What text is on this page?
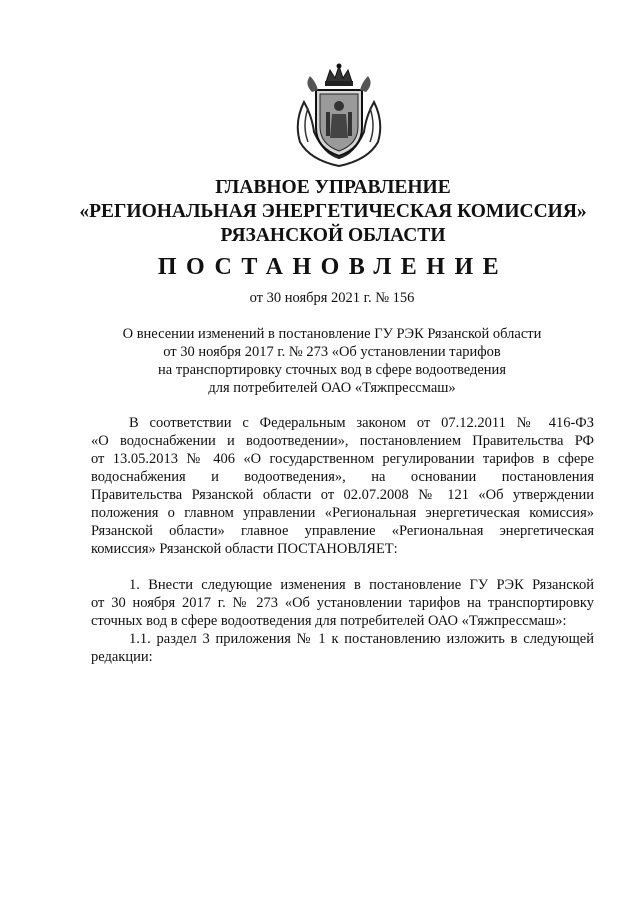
ГЛАВНОЕ УПРАВЛЕНИЕ
«РЕГИОНАЛЬНАЯ ЭНЕРГЕТИЧЕСКАЯ КОМИССИЯ»
РЯЗАНСКОЙ ОБЛАСТИ
ПОСТАНОВЛЕНИЕ
от 30 ноября 2021 г. № 156
О внесении изменений в постановление ГУ РЭК Рязанской области
от 30 ноября 2017 г. № 273 «Об установлении тарифов
на транспортировку сточных вод в сфере водоотведения
для потребителей ОАО «Тяжпрессмаш»
В соответствии с Федеральным законом от 07.12.2011 № 416-ФЗ
«О водоснабжении и водоотведении», постановлением Правительства РФ
от 13.05.2013 № 406 «О государственном регулировании тарифов в сфере
водоснабжения и водоотведения», на основании постановления
Правительства Рязанской области от 02.07.2008 № 121 «Об утверждении
положения о главном управлении «Региональная энергетическая комиссия»
Рязанской области» главное управление «Региональная энергетическая
комиссия» Рязанской области ПОСТАНОВЛЯЕТ:
1. Внести следующие изменения в постановление ГУ РЭК Рязанской
от 30 ноября 2017 г. № 273 «Об установлении тарифов на транспортировку
сточных вод в сфере водоотведения для потребителей ОАО «Тяжпрессмаш»:
1.1. раздел 3 приложения № 1 к постановлению изложить в следующей
редакции:
